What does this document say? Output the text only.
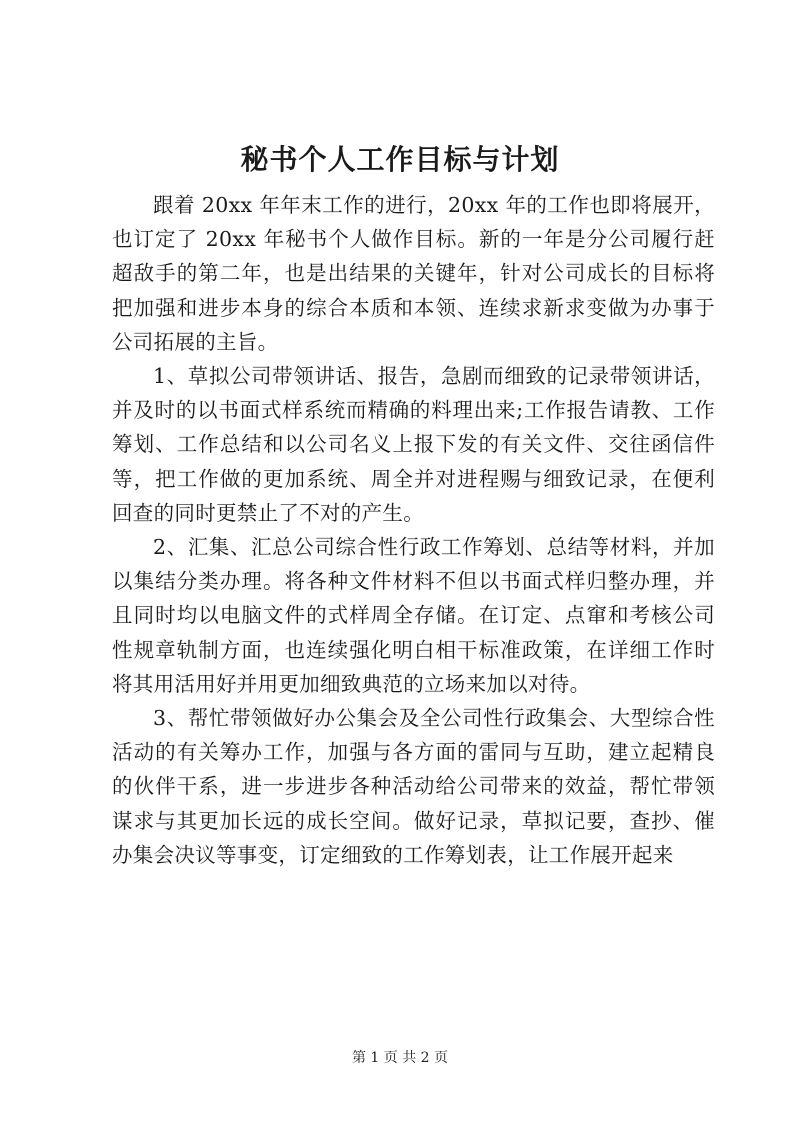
秘书个人工作目标与计划

跟着 20xx 年年末工作的进行，20xx 年的工作也即将展开，也订定了 20xx 年秘书个人做作目标。新的一年是分公司履行赶超敌手的第二年，也是出结果的关键年，针对公司成长的目标将把加强和进步本身的综合本质和本领、连续求新求变做为办事于公司拓展的主旨。

1、草拟公司带领讲话、报告，急剧而细致的记录带领讲话，并及时的以书面式样系统而精确的料理出来;工作报告请教、工作筹划、工作总结和以公司名义上报下发的有关文件、交往函信件等，把工作做的更加系统、周全并对进程赐与细致记录，在便利回查的同时更禁止了不对的产生。

2、汇集、汇总公司综合性行政工作筹划、总结等材料，并加以集结分类办理。将各种文件材料不但以书面式样归整办理，并且同时均以电脑文件的式样周全存储。在订定、点窜和考核公司性规章轨制方面，也连续强化明白相干标准政策，在详细工作时将其用活用好并用更加细致典范的立场来加以对待。

3、帮忙带领做好办公集会及全公司性行政集会、大型综合性活动的有关筹办工作，加强与各方面的雷同与互助，建立起精良的伙伴干系，进一步进步各种活动给公司带来的效益，帮忙带领谋求与其更加长远的成长空间。做好记录，草拟记要，查抄、催办集会决议等事变，订定细致的工作筹划表，让工作展开起来

第 1 页 共 2 页
